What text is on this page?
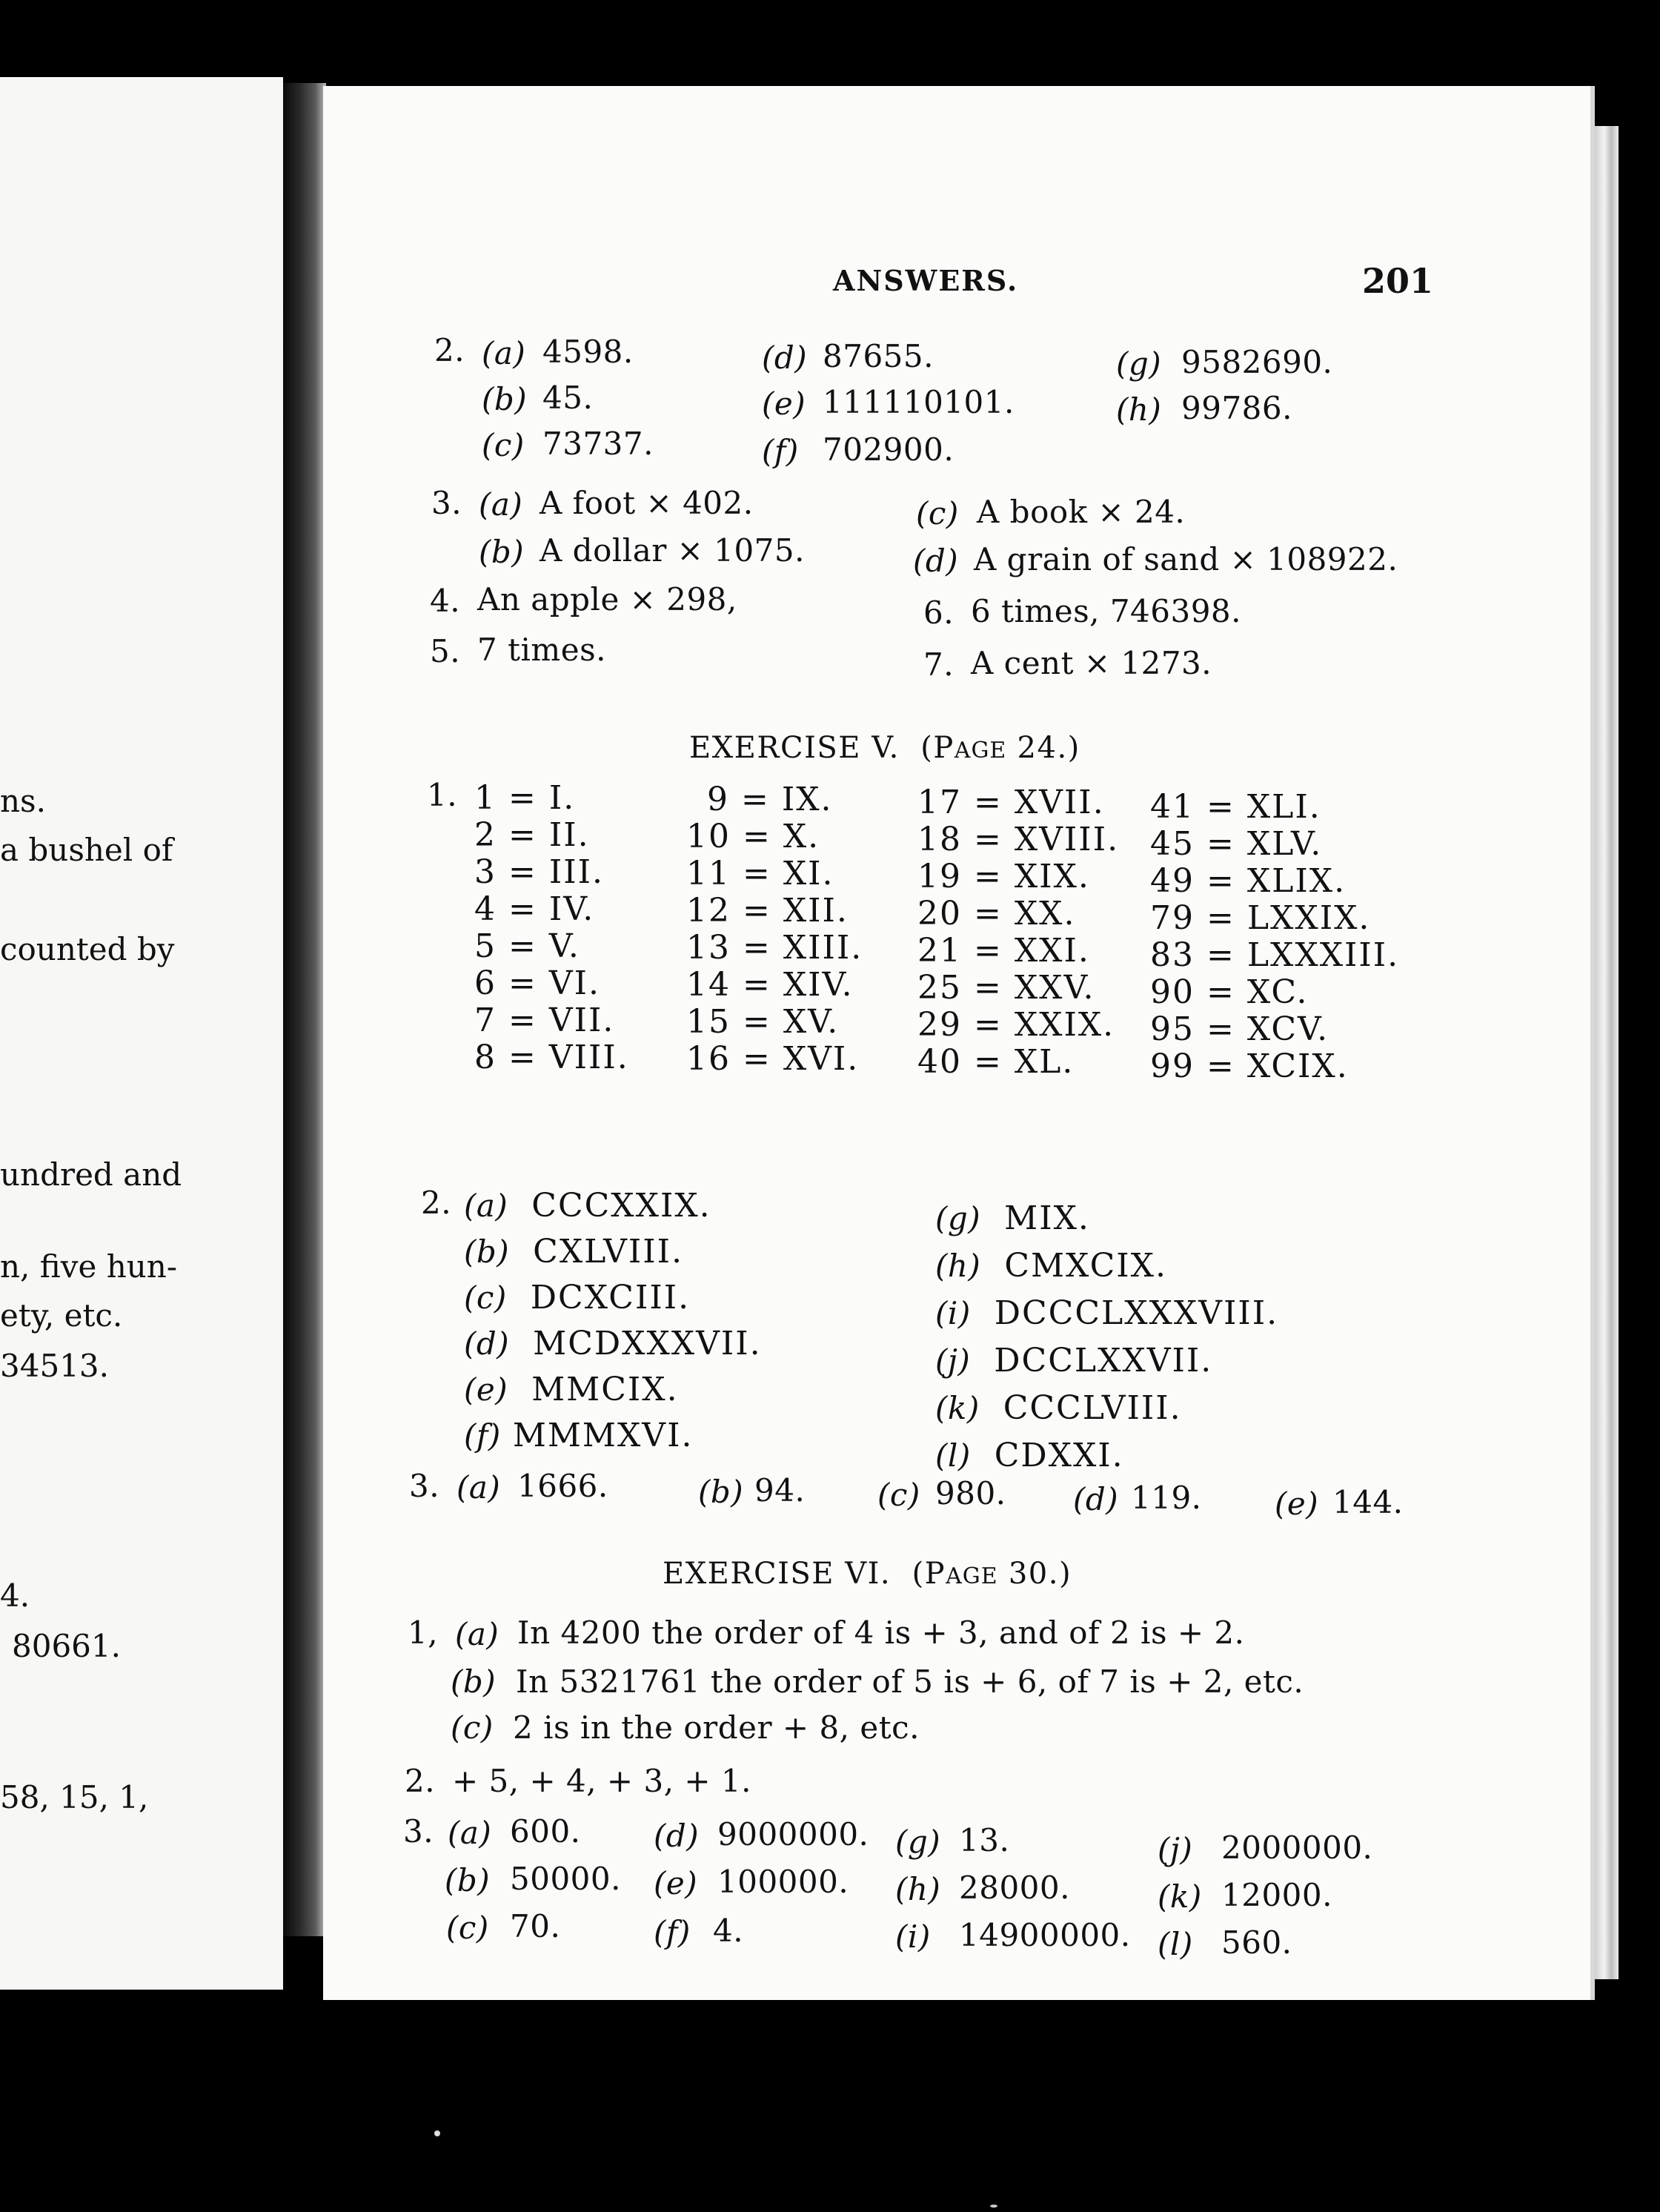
ns.
a bushel of
counted by
undred and
n, five hun-
ety, etc.
34513.
4.
80661.
58, 15, 1,
ANSWERS.	201
2. (a) 4598.
(b) 45.
(c) 73737.
(d) 87655.
(e) 111110101.
(f) 702900.
(g) 9582690.
(h) 99786.
3. (a) A foot × 402.
(b) A dollar × 1075.
(c) A book × 24.
(d) A grain of sand × 108922.
4. An apple × 298,
5. 7 times.
6. 6 times, 746398.
7. A cent × 1273.
EXERCISE V. (PAGE 24.)
1. 1 = I.
2 = II.
3 = III.
4 = IV.
5 = V.
6 = VI.
7 = VII.
8 = VIII.
9 = IX.
10 = X.
11 = XI.
12 = XII.
13 = XIII.
14 = XIV.
15 = XV.
16 = XVI.
17 = XVII.
18 = XVIII.
19 = XIX.
20 = XX.
21 = XXI.
25 = XXV.
29 = XXIX.
40 = XL.
41 = XLI.
45 = XLV.
49 = XLIX.
79 = LXXIX.
83 = LXXXIII.
90 = XC.
95 = XCV.
99 = XCIX.
2. (a) CCCXXIX.
(b) CXLVIII.
(c) DCXCIII.
(d) MCDXXXVII.
(e) MMCIX.
(f) MMMXVI.
(g) MIX.
(h) CMXCIX.
(i) DCCCLXXXVIII.
(j) DCCLXXVII.
(k) CCCLVIII.
(l) CDXXI.
3. (a) 1666.	(b) 94. (c) 980. (d) 119. (e) 144.
EXERCISE VI. (PAGE 30.)
1, (a) In 4200 the order of 4 is + 3, and of 2 is + 2.
(b) In 5321761 the order of 5 is + 6, of 7 is + 2, etc.
(c) 2 is in the order + 8, etc.
2. + 5, + 4, + 3, + 1.
3. (a) 600.
(b) 50000.
(c) 70.
(d) 9000000.
(e) 100000.
(f) 4.
(g) 13.
(h) 28000.
(i) 14900000.
(j) 2000000.
(k) 12000.
(l) 560.
